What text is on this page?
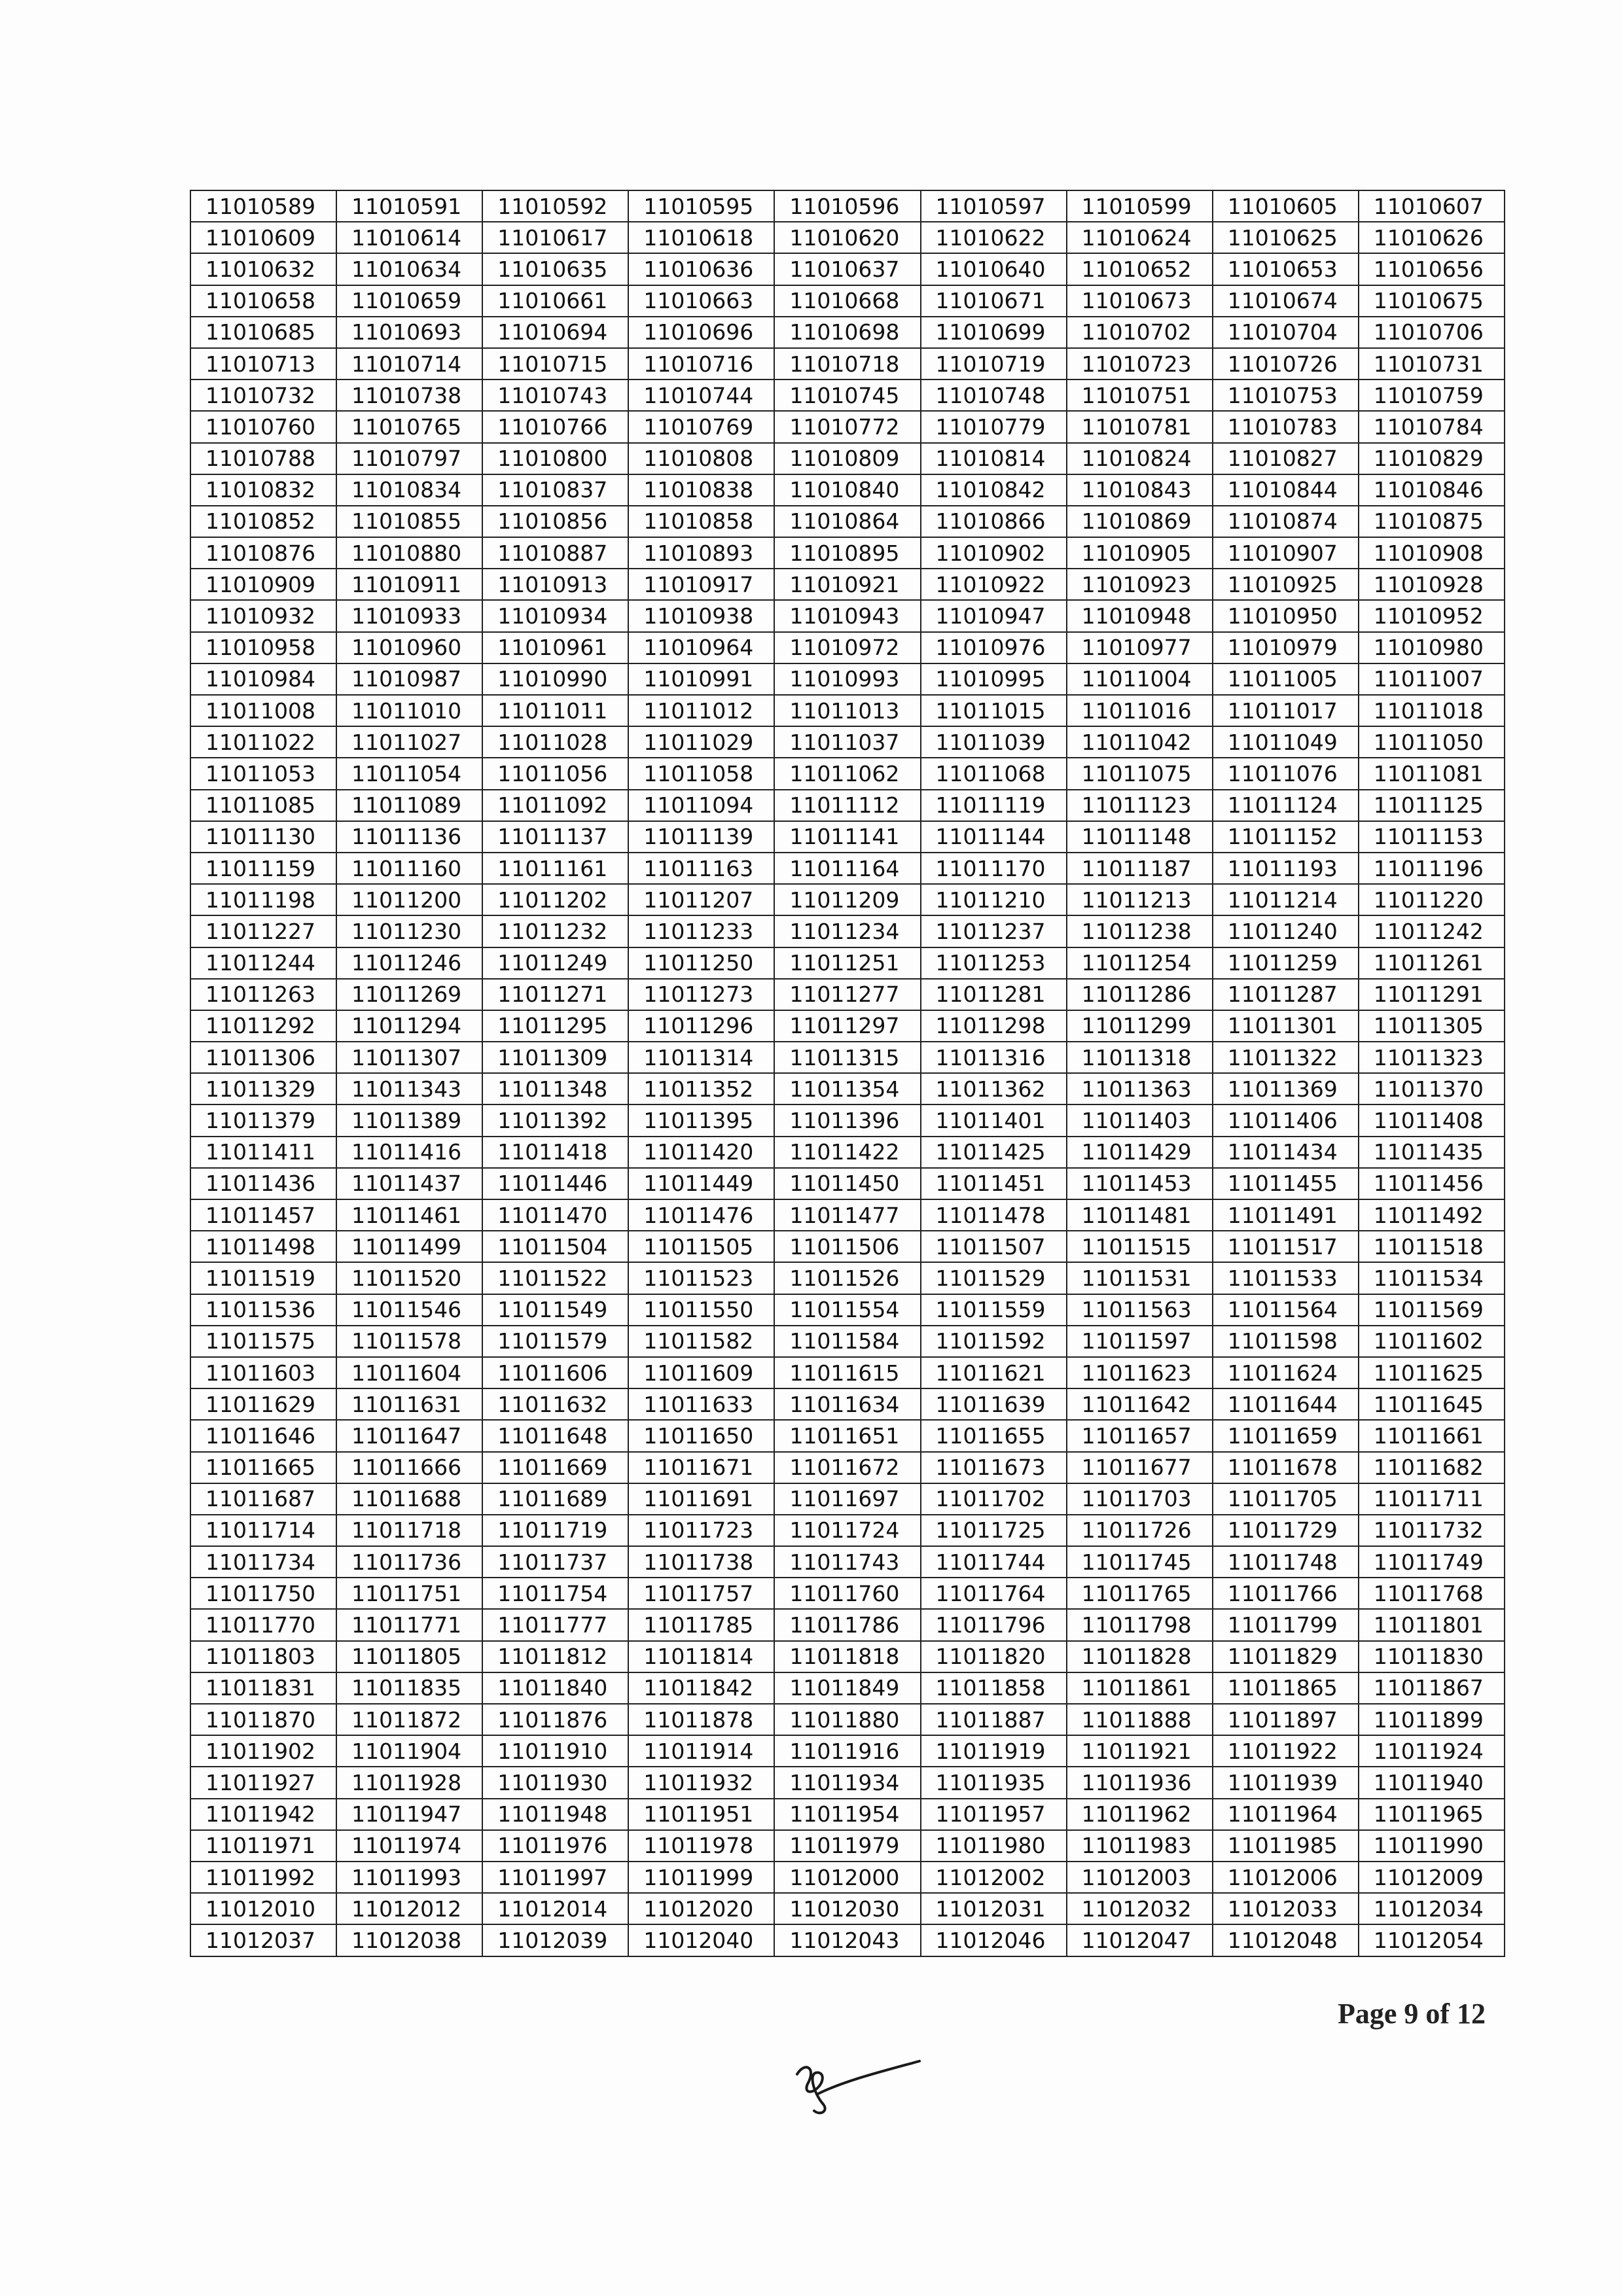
11010589	11010591	11010592	11010595	11010596	11010597	11010599	11010605	11010607
11010609	11010614	11010617	11010618	11010620	11010622	11010624	11010625	11010626
11010632	11010634	11010635	11010636	11010637	11010640	11010652	11010653	11010656
11010658	11010659	11010661	11010663	11010668	11010671	11010673	11010674	11010675
11010685	11010693	11010694	11010696	11010698	11010699	11010702	11010704	11010706
11010713	11010714	11010715	11010716	11010718	11010719	11010723	11010726	11010731
11010732	11010738	11010743	11010744	11010745	11010748	11010751	11010753	11010759
11010760	11010765	11010766	11010769	11010772	11010779	11010781	11010783	11010784
11010788	11010797	11010800	11010808	11010809	11010814	11010824	11010827	11010829
11010832	11010834	11010837	11010838	11010840	11010842	11010843	11010844	11010846
11010852	11010855	11010856	11010858	11010864	11010866	11010869	11010874	11010875
11010876	11010880	11010887	11010893	11010895	11010902	11010905	11010907	11010908
11010909	11010911	11010913	11010917	11010921	11010922	11010923	11010925	11010928
11010932	11010933	11010934	11010938	11010943	11010947	11010948	11010950	11010952
11010958	11010960	11010961	11010964	11010972	11010976	11010977	11010979	11010980
11010984	11010987	11010990	11010991	11010993	11010995	11011004	11011005	11011007
11011008	11011010	11011011	11011012	11011013	11011015	11011016	11011017	11011018
11011022	11011027	11011028	11011029	11011037	11011039	11011042	11011049	11011050
11011053	11011054	11011056	11011058	11011062	11011068	11011075	11011076	11011081
11011085	11011089	11011092	11011094	11011112	11011119	11011123	11011124	11011125
11011130	11011136	11011137	11011139	11011141	11011144	11011148	11011152	11011153
11011159	11011160	11011161	11011163	11011164	11011170	11011187	11011193	11011196
11011198	11011200	11011202	11011207	11011209	11011210	11011213	11011214	11011220
11011227	11011230	11011232	11011233	11011234	11011237	11011238	11011240	11011242
11011244	11011246	11011249	11011250	11011251	11011253	11011254	11011259	11011261
11011263	11011269	11011271	11011273	11011277	11011281	11011286	11011287	11011291
11011292	11011294	11011295	11011296	11011297	11011298	11011299	11011301	11011305
11011306	11011307	11011309	11011314	11011315	11011316	11011318	11011322	11011323
11011329	11011343	11011348	11011352	11011354	11011362	11011363	11011369	11011370
11011379	11011389	11011392	11011395	11011396	11011401	11011403	11011406	11011408
11011411	11011416	11011418	11011420	11011422	11011425	11011429	11011434	11011435
11011436	11011437	11011446	11011449	11011450	11011451	11011453	11011455	11011456
11011457	11011461	11011470	11011476	11011477	11011478	11011481	11011491	11011492
11011498	11011499	11011504	11011505	11011506	11011507	11011515	11011517	11011518
11011519	11011520	11011522	11011523	11011526	11011529	11011531	11011533	11011534
11011536	11011546	11011549	11011550	11011554	11011559	11011563	11011564	11011569
11011575	11011578	11011579	11011582	11011584	11011592	11011597	11011598	11011602
11011603	11011604	11011606	11011609	11011615	11011621	11011623	11011624	11011625
11011629	11011631	11011632	11011633	11011634	11011639	11011642	11011644	11011645
11011646	11011647	11011648	11011650	11011651	11011655	11011657	11011659	11011661
11011665	11011666	11011669	11011671	11011672	11011673	11011677	11011678	11011682
11011687	11011688	11011689	11011691	11011697	11011702	11011703	11011705	11011711
11011714	11011718	11011719	11011723	11011724	11011725	11011726	11011729	11011732
11011734	11011736	11011737	11011738	11011743	11011744	11011745	11011748	11011749
11011750	11011751	11011754	11011757	11011760	11011764	11011765	11011766	11011768
11011770	11011771	11011777	11011785	11011786	11011796	11011798	11011799	11011801
11011803	11011805	11011812	11011814	11011818	11011820	11011828	11011829	11011830
11011831	11011835	11011840	11011842	11011849	11011858	11011861	11011865	11011867
11011870	11011872	11011876	11011878	11011880	11011887	11011888	11011897	11011899
11011902	11011904	11011910	11011914	11011916	11011919	11011921	11011922	11011924
11011927	11011928	11011930	11011932	11011934	11011935	11011936	11011939	11011940
11011942	11011947	11011948	11011951	11011954	11011957	11011962	11011964	11011965
11011971	11011974	11011976	11011978	11011979	11011980	11011983	11011985	11011990
11011992	11011993	11011997	11011999	11012000	11012002	11012003	11012006	11012009
11012010	11012012	11012014	11012020	11012030	11012031	11012032	11012033	11012034
11012037	11012038	11012039	11012040	11012043	11012046	11012047	11012048	11012054
Page 9 of 12
